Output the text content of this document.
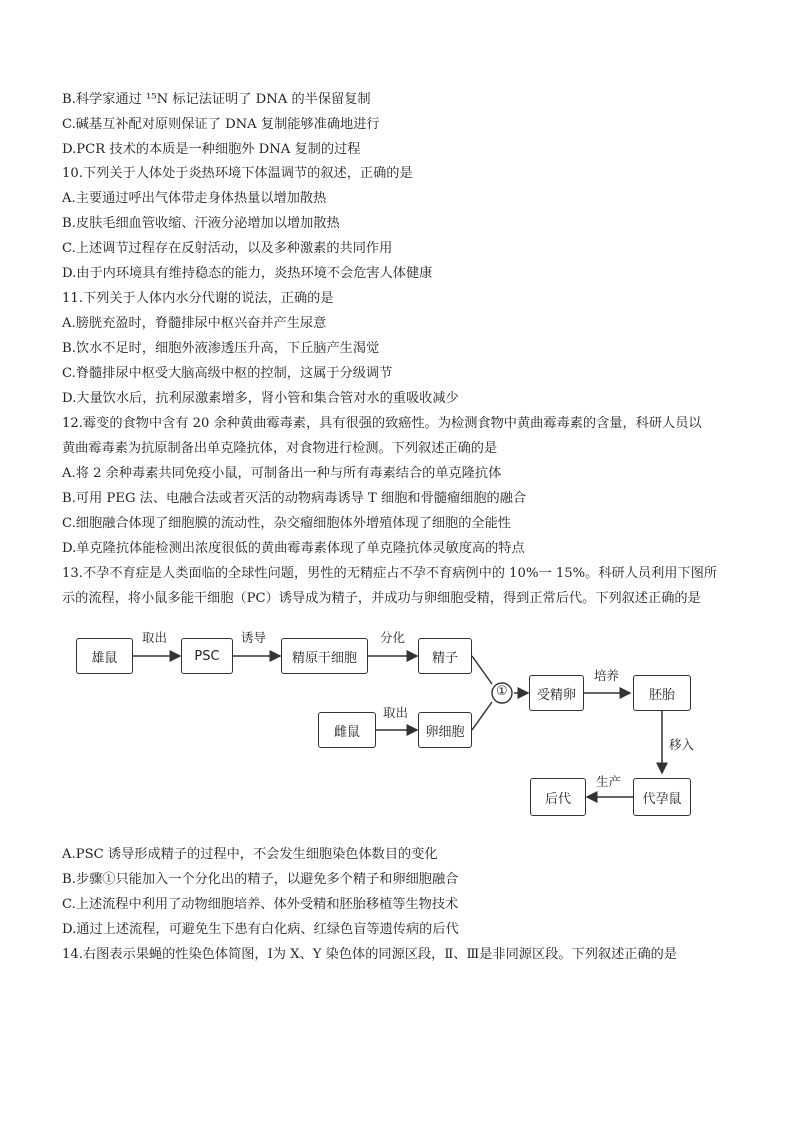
B.科学家通过 ¹⁵N 标记法证明了 DNA 的半保留复制
C.碱基互补配对原则保证了 DNA 复制能够准确地进行
D.PCR 技术的本质是一种细胞外 DNA 复制的过程
10.下列关于人体处于炎热环境下体温调节的叙述，正确的是
A.主要通过呼出气体带走身体热量以增加散热
B.皮肤毛细血管收缩、汗液分泌增加以增加散热
C.上述调节过程存在反射活动，以及多种激素的共同作用
D.由于内环境具有维持稳态的能力，炎热环境不会危害人体健康
11.下列关于人体内水分代谢的说法，正确的是
A.膀胱充盈时，脊髓排尿中枢兴奋并产生尿意
B.饮水不足时，细胞外液渗透压升高，下丘脑产生渴觉
C.脊髓排尿中枢受大脑高级中枢的控制，这属于分级调节
D.大量饮水后，抗利尿激素增多，肾小管和集合管对水的重吸收减少
12.霉变的食物中含有 20 余种黄曲霉毒素，具有很强的致癌性。为检测食物中黄曲霉毒素的含量，科研人员以
黄曲霉毒素为抗原制备出单克隆抗体，对食物进行检测。下列叙述正确的是
A.将 2 余种毒素共同免疫小鼠，可制备出一种与所有毒素结合的单克隆抗体
B.可用 PEG 法、电融合法或者灭活的动物病毒诱导 T 细胞和骨髓瘤细胞的融合
C.细胞融合体现了细胞膜的流动性，杂交瘤细胞体外增殖体现了细胞的全能性
D.单克隆抗体能检测出浓度很低的黄曲霉毒素体现了单克隆抗体灵敏度高的特点
13.不孕不育症是人类面临的全球性问题，男性的无精症占不孕不育病例中的 10%一 15%。科研人员利用下图所
示的流程，将小鼠多能干细胞（PC）诱导成为精子，并成功与卵细胞受精，得到正常后代。下列叙述正确的是
雄鼠	PSC	精原干细胞	精子
雌鼠	卵细胞
受精卵	胚胎
代孕鼠
后代
取出	诱导	分化
取出
①
培养
移入
生产
A.PSC 诱导形成精子的过程中，不会发生细胞染色体数目的变化
B.步骤①只能加入一个分化出的精子，以避免多个精子和卵细胞融合
C.上述流程中利用了动物细胞培养、体外受精和胚胎移植等生物技术
D.通过上述流程，可避免生下患有白化病、红绿色盲等遗传病的后代
14.右图表示果蝇的性染色体简图，Ⅰ为 X、Y 染色体的同源区段，Ⅱ、Ⅲ是非同源区段。下列叙述正确的是
